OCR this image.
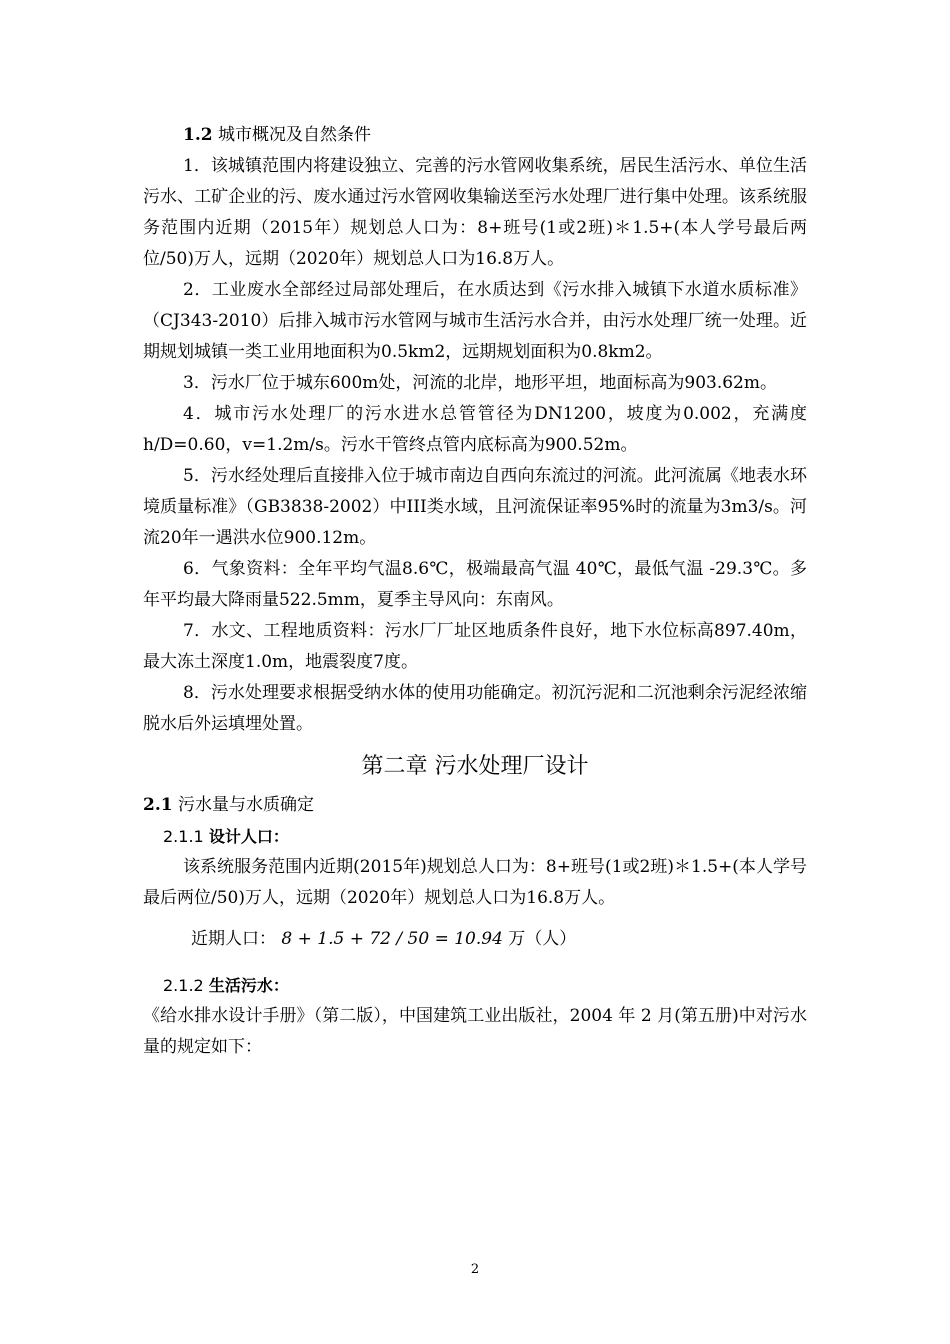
1.2 城市概况及自然条件

1．该城镇范围内将建设独立、完善的污水管网收集系统，居民生活污水、单位生活污水、工矿企业的污、废水通过污水管网收集输送至污水处理厂进行集中处理。该系统服务范围内近期（2015年）规划总人口为：8+班号(1或2班)＊1.5+(本人学号最后两位/50)万人，远期（2020年）规划总人口为16.8万人。

2．工业废水全部经过局部处理后，在水质达到《污水排入城镇下水道水质标准》（CJ343-2010）后排入城市污水管网与城市生活污水合并，由污水处理厂统一处理。近期规划城镇一类工业用地面积为0.5km2，远期规划面积为0.8km2。

3．污水厂位于城东600m处，河流的北岸，地形平坦，地面标高为903.62m。

4．城市污水处理厂的污水进水总管管径为DN1200，坡度为0.002，充满度h/D=0.60，v=1.2m/s。污水干管终点管内底标高为900.52m。

5．污水经处理后直接排入位于城市南边自西向东流过的河流。此河流属《地表水环境质量标准》（GB3838-2002）中III类水域，且河流保证率95%时的流量为3m3/s。河流20年一遇洪水位900.12m。

6．气象资料：全年平均气温8.6℃，极端最高气温 40℃，最低气温 -29.3℃。多年平均最大降雨量522.5mm，夏季主导风向：东南风。

7．水文、工程地质资料：污水厂厂址区地质条件良好，地下水位标高897.40m，最大冻土深度1.0m，地震裂度7度。

8．污水处理要求根据受纳水体的使用功能确定。初沉污泥和二沉池剩余污泥经浓缩脱水后外运填埋处置。

第二章 污水处理厂设计
2.1 污水量与水质确定
2.1.1 设计人口：

该系统服务范围内近期(2015年)规划总人口为：8+班号(1或2班)＊1.5+(本人学号最后两位/50)万人，远期（2020年）规划总人口为16.8万人。

近期人口： 8 + 1.5 + 72 / 50 = 10.94 万（人）
2.1.2 生活污水：

《给水排水设计手册》（第二版），中国建筑工业出版社，2004 年 2 月(第五册)中对污水量的规定如下：

2
